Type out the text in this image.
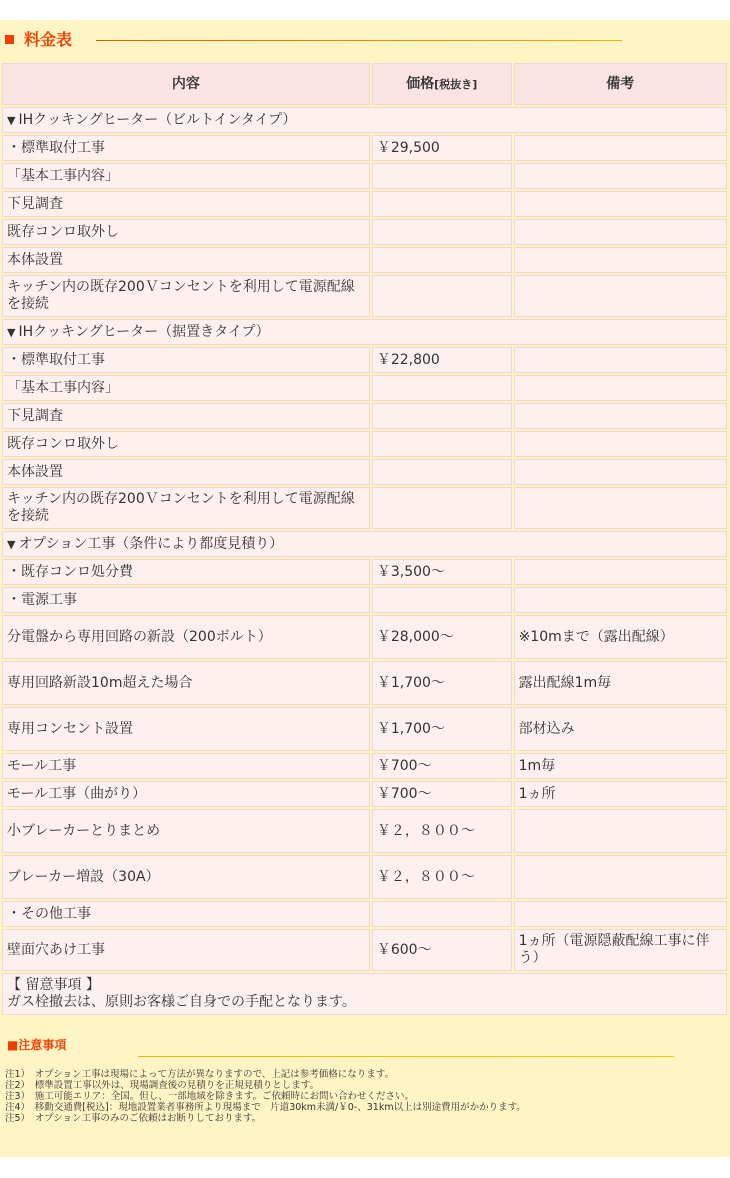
料金表
内容	価格[税抜き]	備考
▼ IHクッキングヒーター（ビルトインタイプ）		
・標準取付工事	￥29,500	
「基本工事内容」		
下見調査		
既存コンロ取外し		
本体設置		
キッチン内の既存200Ｖコンセントを利用して電源配線を接続		
▼ IHクッキングヒーター（据置きタイプ）		
・標準取付工事	￥22,800	
「基本工事内容」		
下見調査		
既存コンロ取外し		
本体設置		
キッチン内の既存200Ｖコンセントを利用して電源配線を接続		
▼ オプション工事（条件により都度見積り）		
・既存コンロ処分費	￥3,500～	
・電源工事		
分電盤から専用回路の新設（200ボルト）	￥28,000～	※10mまで（露出配線）
専用回路新設10m超えた場合	￥1,700～	露出配線1m毎
専用コンセント設置	￥1,700～	部材込み
モール工事	￥700～	1m毎
モール工事（曲がり）	￥700～	1ヵ所
小ブレーカーとりまとめ	￥２，８００～	
ブレーカー増設（30A）	￥２，８００～	
・その他工事		
壁面穴あけ工事	￥600～	1ヵ所（電源隠蔽配線工事に伴う）

【 留意事項 】
ガス栓撤去は、原則お客様ご自身での手配となります。		
■注意事項
注1）　オプション工事は現場によって方法が異なりますので、上記は参考価格になります。
注2）　標準設置工事以外は、現場調査後の見積りを正規見積りとします。
注3）　施工可能エリア：全国。但し、一部地域を除きます。ご依頼時にお問い合わせください。
注4）　移動交通費[税込]：現地設置業者事務所より現場まで　片道30km未満/￥0-、31km以上は別途費用がかかります。
注5）　オプション工事のみのご依頼はお断りしております。
